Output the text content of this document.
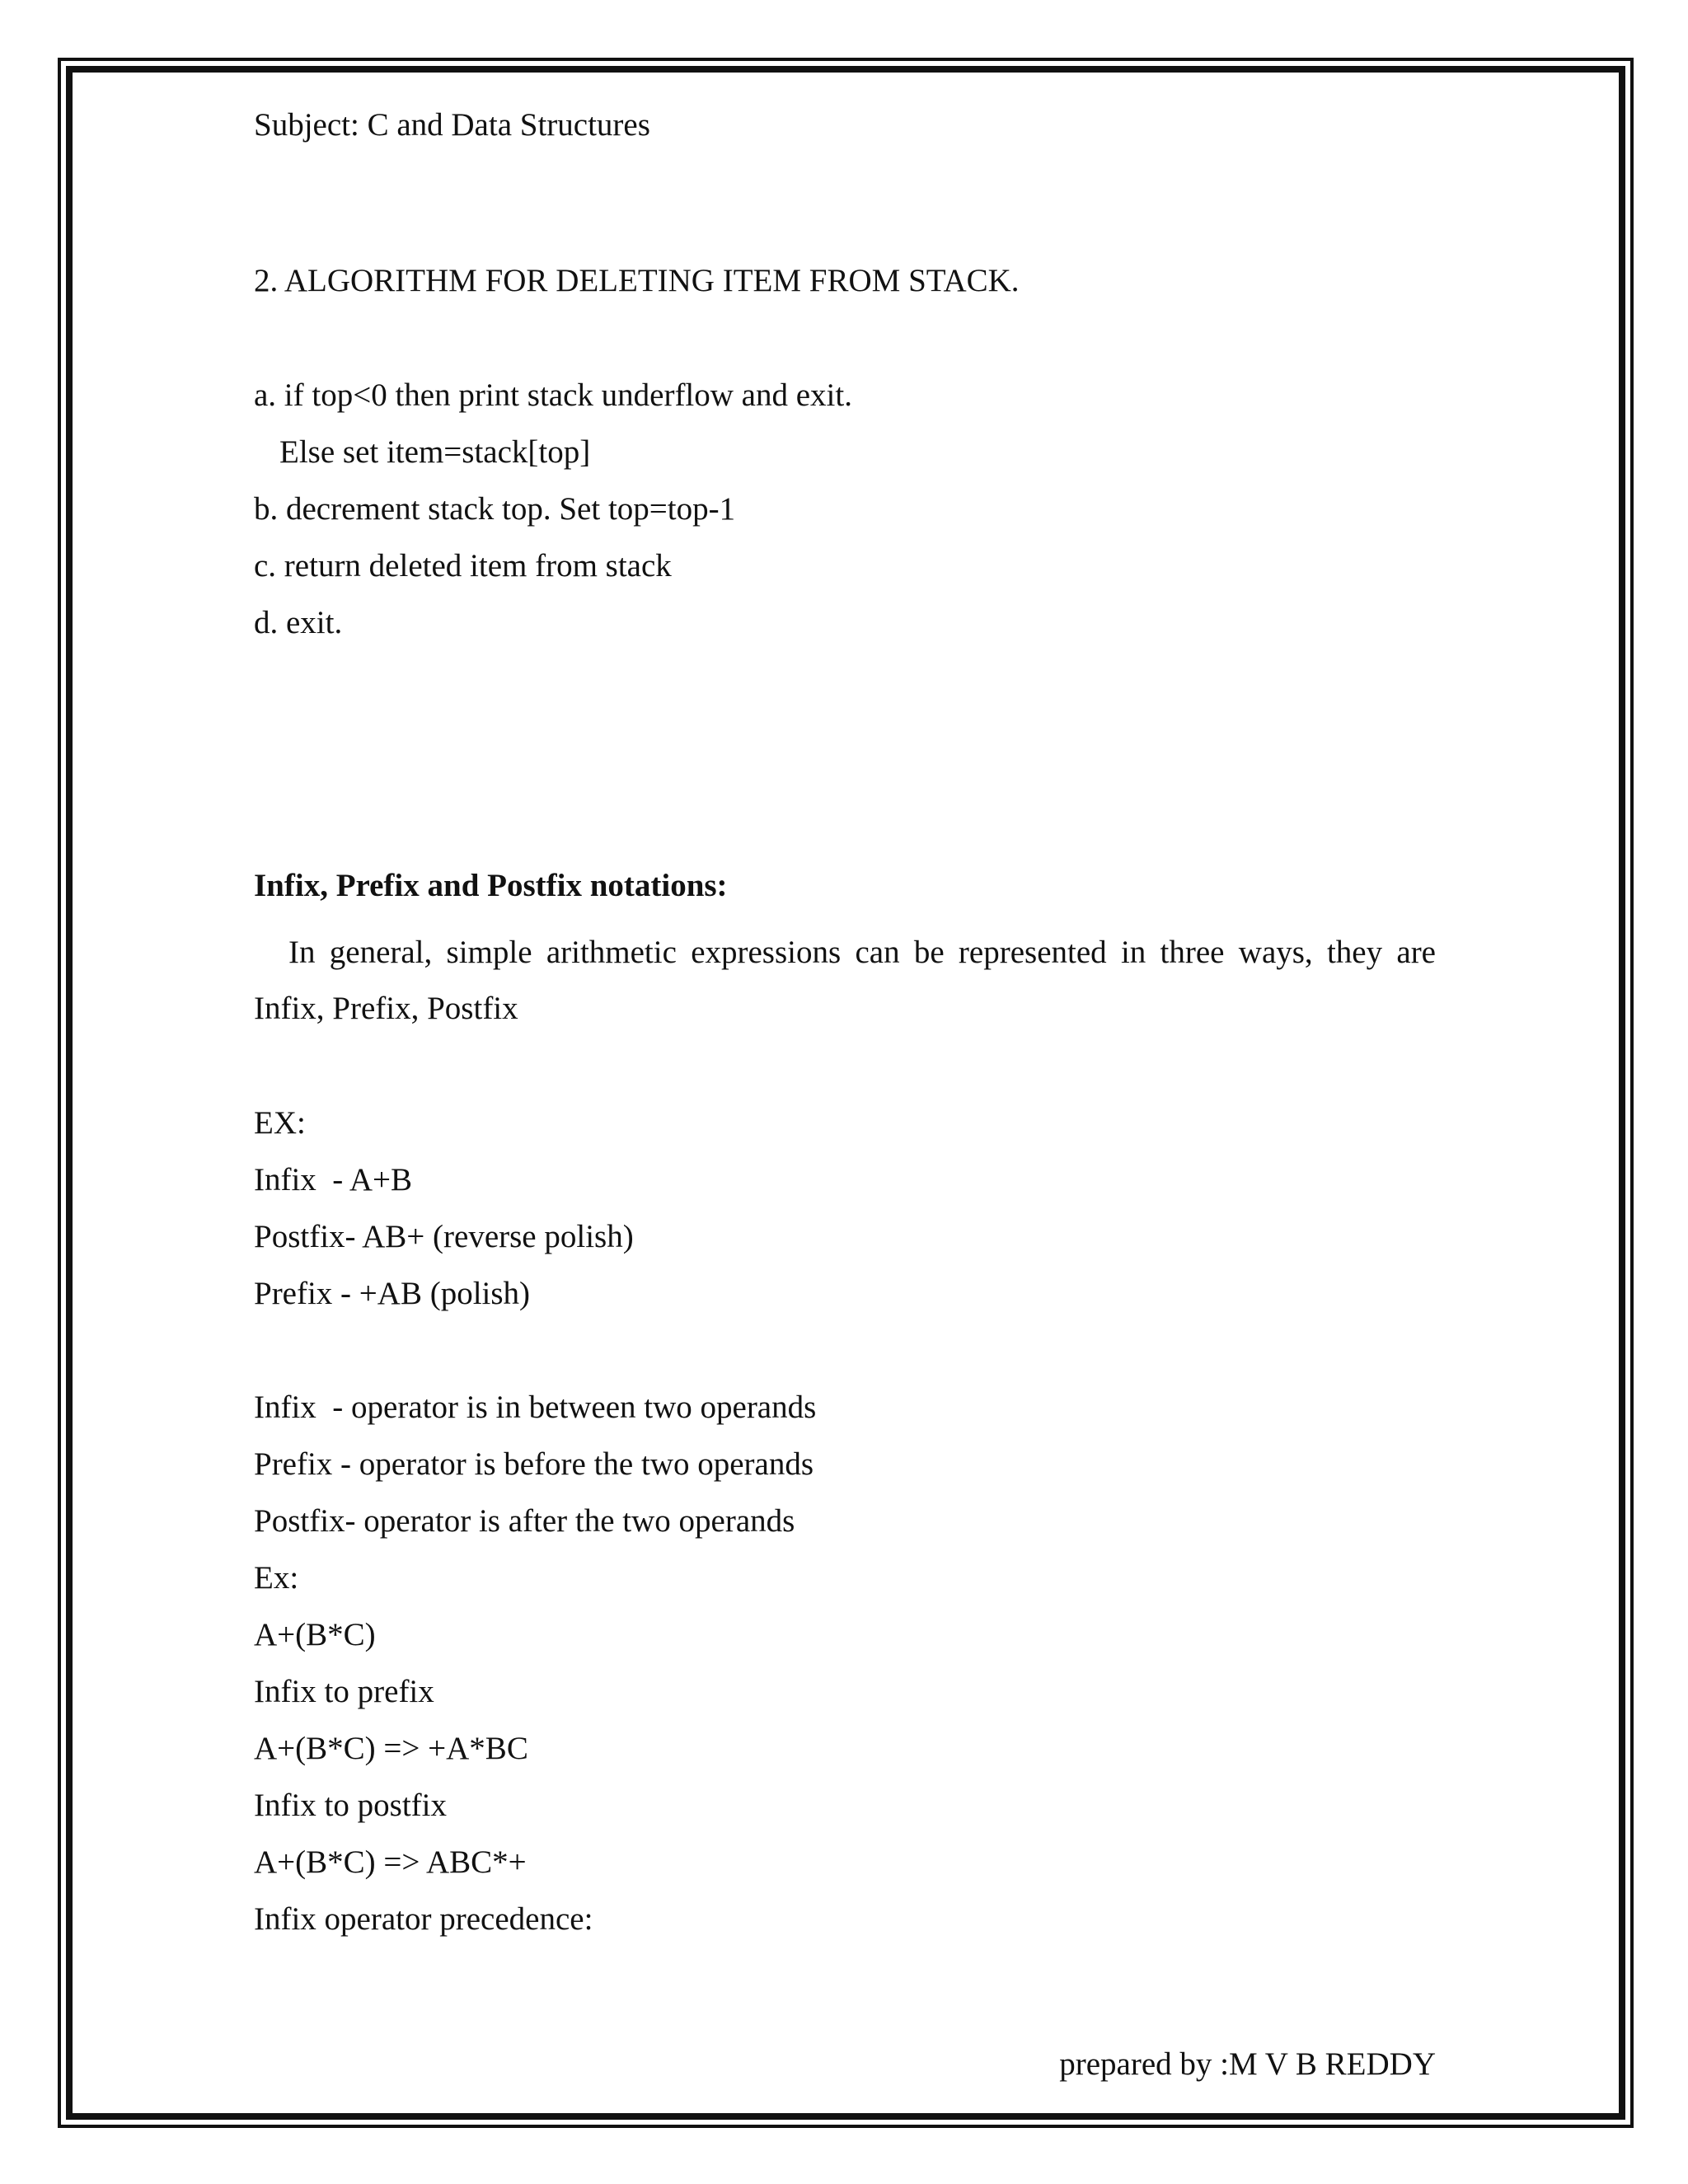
Subject: C and Data Structures
2. ALGORITHM FOR DELETING ITEM FROM STACK.
a. if top<0 then print stack underflow and exit.
Else set item=stack[top]
b. decrement stack top. Set top=top-1
c. return deleted item from stack
d. exit.
Infix, Prefix and Postfix notations:
In general, simple arithmetic expressions can be represented in three ways, they are
Infix, Prefix, Postfix
EX:
Infix  - A+B
Postfix- AB+ (reverse polish)
Prefix - +AB (polish)
Infix  - operator is in between two operands
Prefix - operator is before the two operands
Postfix- operator is after the two operands
Ex:
A+(B*C)
Infix to prefix
A+(B*C) => +A*BC
Infix to postfix
A+(B*C) => ABC*+
Infix operator precedence:
prepared by :M V B REDDY
